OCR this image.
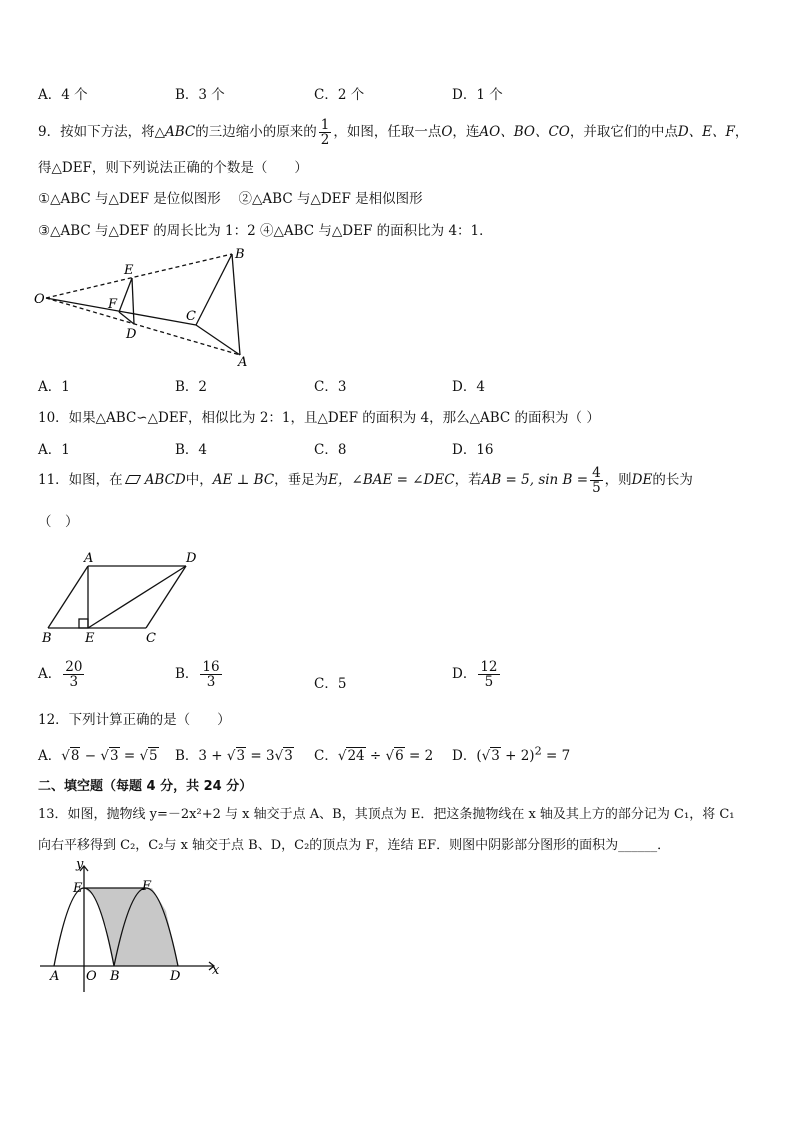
A．4 个	B．3 个	C．2 个	D．1 个
9．按如下方法，将△ABC的三边缩小的原来的 $\frac{1}{2}$ ，如图，任取一点O，连AO、BO、CO，并取它们的中点D、E、F，
得△DEF，则下列说法正确的个数是（　　）
①△ABC 与△DEF 是位似图形　 ②△ABC 与△DEF 是相似图形
③△ABC 与△DEF 的周长比为 1：2 ④△ABC 与△DEF 的面积比为 4：1．
O
E
F
D
B
C
A
A．1	B．2	C．3	D．4
10．如果△ABC∽△DEF，相似比为 2：1，且△DEF 的面积为 4，那么△ABC 的面积为（ ）
A．1	B．4	C．8	D．16
11．如图，在 ABCD中，AE ⊥ BC，垂足为E，∠BAE = ∠DEC，若AB = 5, $\sin B = \frac{4}{5}$ ，则DE的长为
（　）
A	D
B	E	C
A． $\frac{20}{3}$	B． $\frac{16}{3}$	C．5
D． $\frac{12}{5}$
12．下列计算正确的是（　　）
A．√8 − √3 = √5 B．3 + √3 = 3√3 C．√24 ÷ √6 = 2 D．$(√3 + 2)^2 = 7$
二、填空题（每题 4 分，共 24 分）
13．如图，抛物线 y=－2x²+2 与 x 轴交于点 A、B，其顶点为 E．把这条抛物线在 x 轴及其上方的部分记为 C₁，将 C₁
向右平移得到 C₂，C₂与 x 轴交于点 B、D，C₂的顶点为 F，连结 EF．则图中阴影部分图形的面积为______．
y
E	F
A O B	D x
